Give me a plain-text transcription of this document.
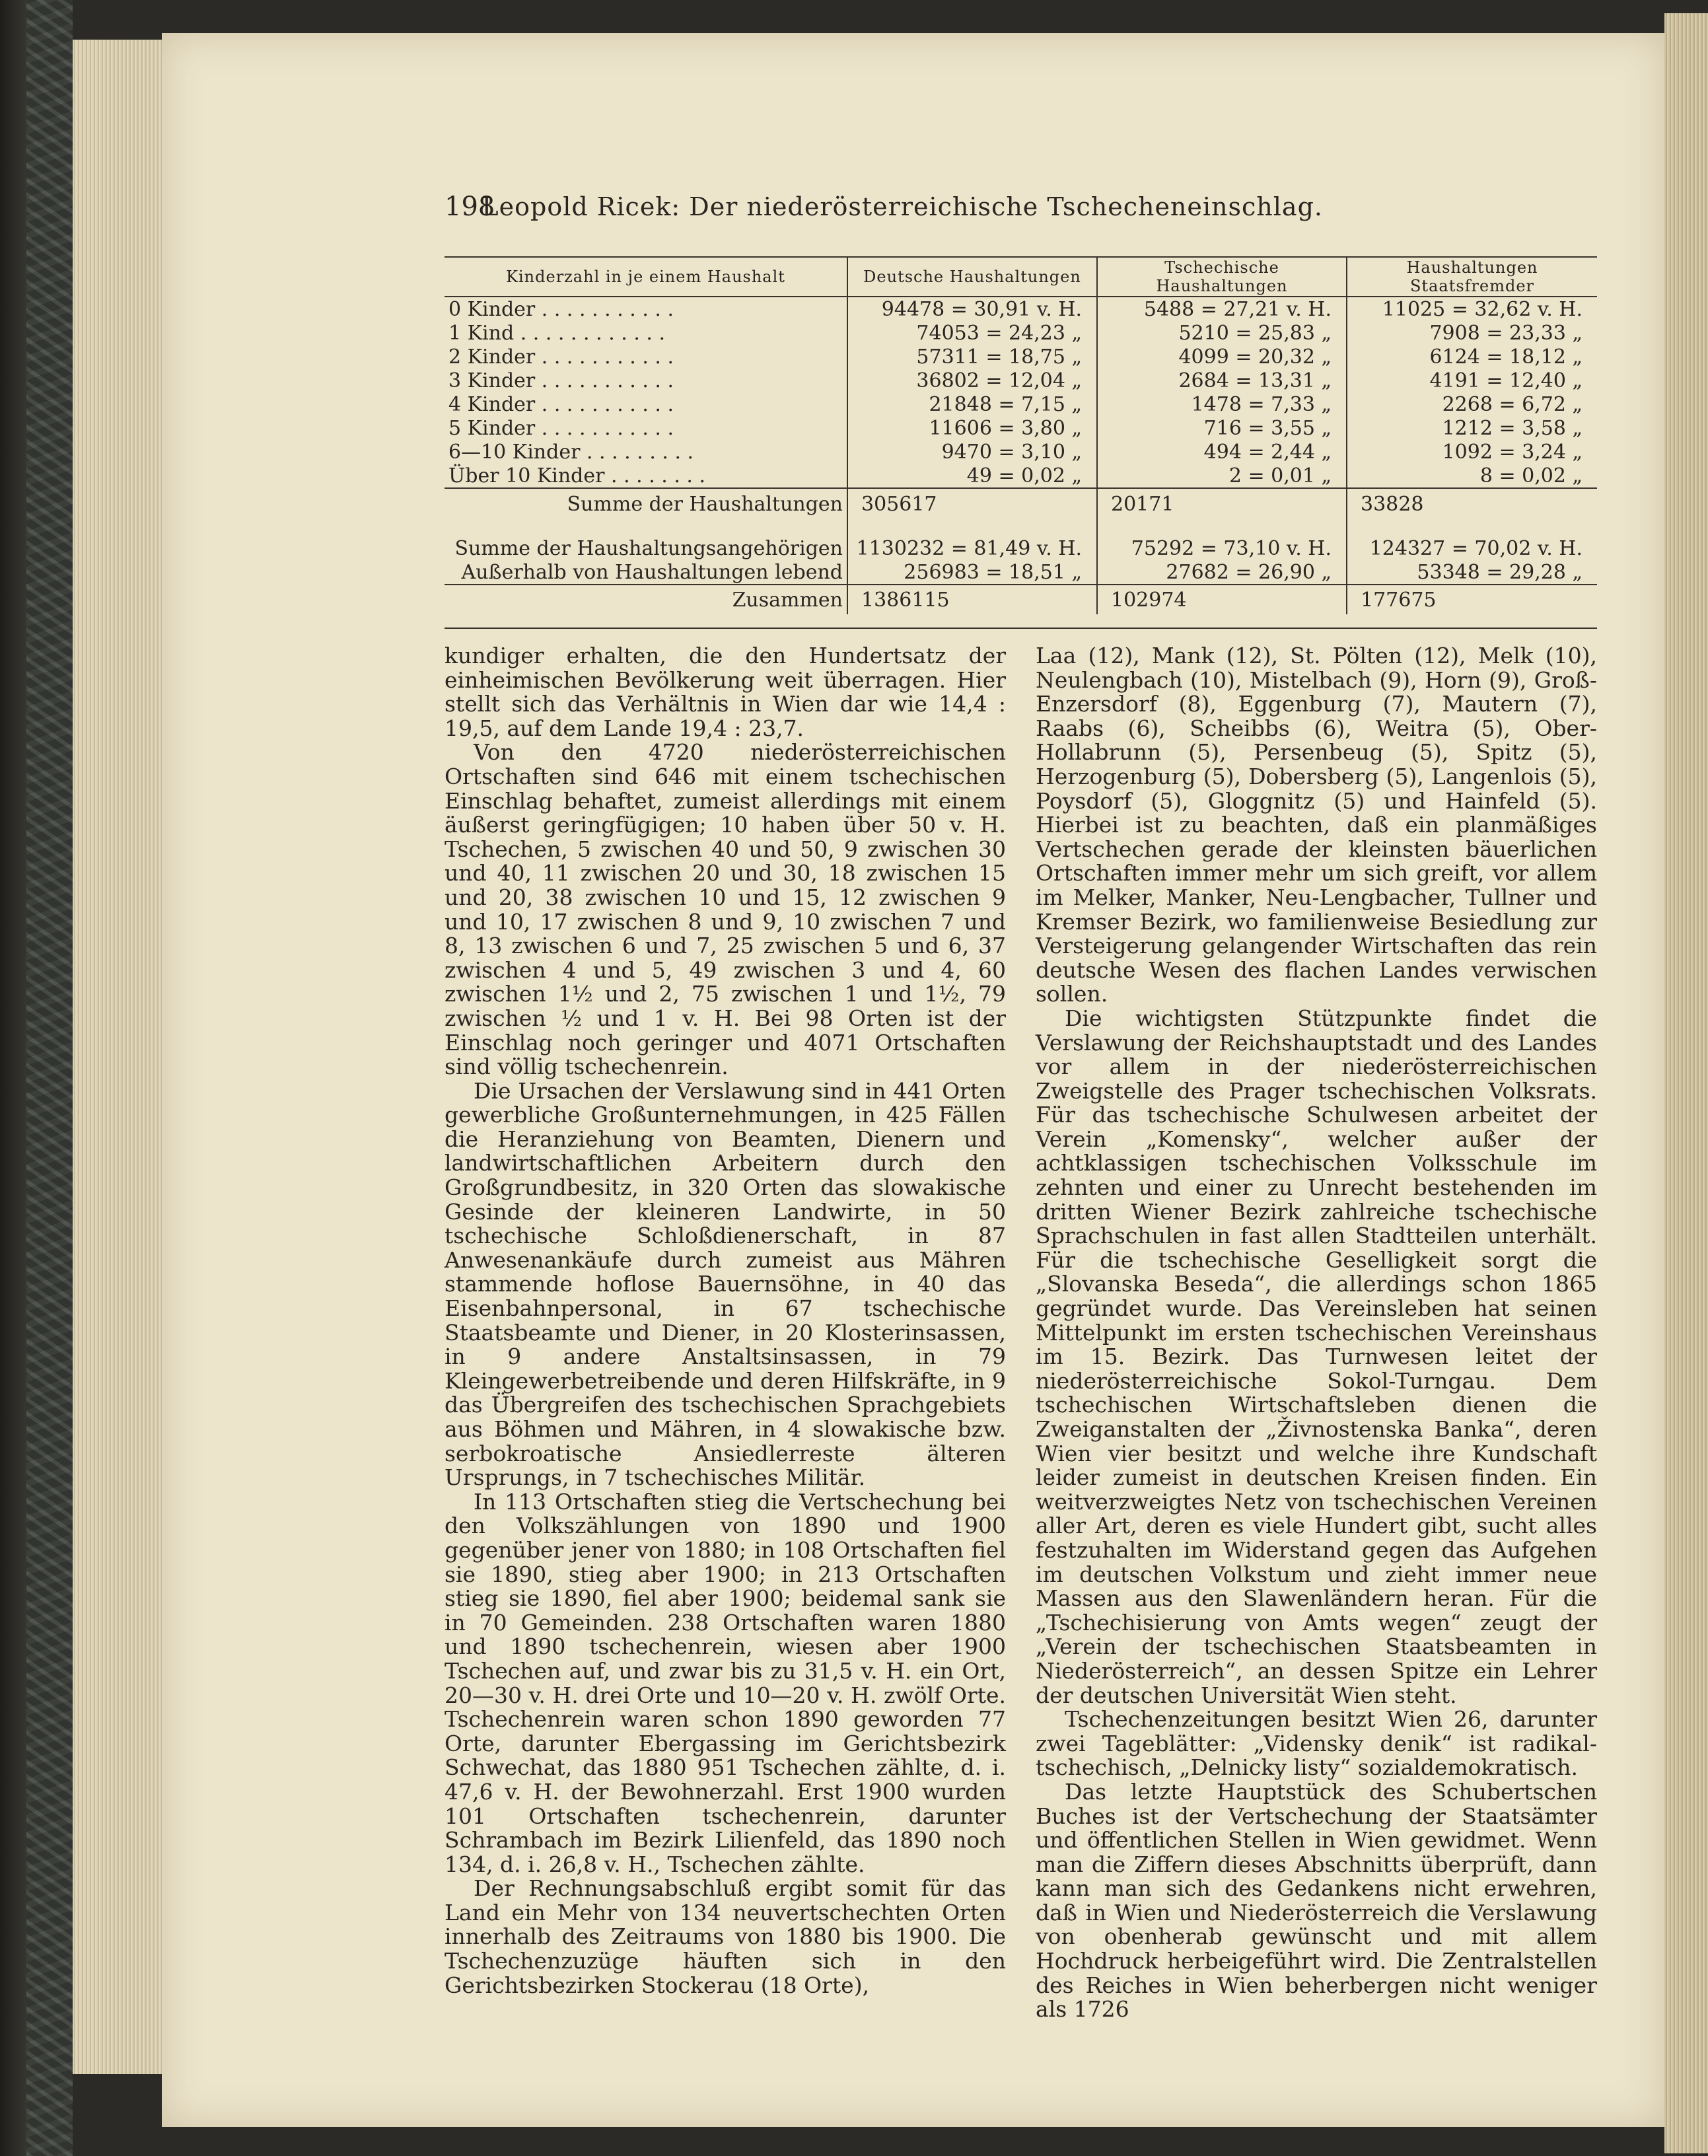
198
Leopold Ricek: Der niederösterreichische Tschecheneinschlag.
Kinderzahl in je einem Haushalt	Deutsche Haushaltungen	Tschechische Haushaltungen	Haushaltungen Staatsfremder
0 Kinder . . . . . . . . . . .	94478 = 30,91 v. H.	5488 = 27,21 v. H.	11025 = 32,62 v. H.
1 Kind . . . . . . . . . . . .	74053 = 24,23 „	5210 = 25,83 „	7908 = 23,33 „
2 Kinder . . . . . . . . . . .	57311 = 18,75 „	4099 = 20,32 „	6124 = 18,12 „
3 Kinder . . . . . . . . . . .	36802 = 12,04 „	2684 = 13,31 „	4191 = 12,40 „
4 Kinder . . . . . . . . . . .	21848 = 7,15 „	1478 = 7,33 „	2268 = 6,72 „
5 Kinder . . . . . . . . . . .	11606 = 3,80 „	716 = 3,55 „	1212 = 3,58 „
6—10 Kinder . . . . . . . . .	9470 = 3,10 „	494 = 2,44 „	1092 = 3,24 „
Über 10 Kinder . . . . . . . .	49 = 0,02 „	2 = 0,01 „	8 = 0,02 „
Summe der Haushaltungen	305617	20171	33828

Summe der Haushaltungsangehörigen	1130232 = 81,49 v. H.	75292 = 73,10 v. H.	124327 = 70,02 v. H.
Außerhalb von Haushaltungen lebend	256983 = 18,51 „	27682 = 26,90 „	53348 = 29,28 „
Zusammen	1386115	102974	177675

kundiger erhalten, die den Hundertsatz der einheimischen Bevölkerung weit überragen. Hier stellt sich das Verhältnis in Wien dar wie 14,4 : 19,5, auf dem Lande 19,4 : 23,7.

Von den 4720 niederösterreichischen Ortschaften sind 646 mit einem tschechischen Einschlag behaftet, zumeist allerdings mit einem äußerst geringfügigen; 10 haben über 50 v. H. Tschechen, 5 zwischen 40 und 50, 9 zwischen 30 und 40, 11 zwischen 20 und 30, 18 zwischen 15 und 20, 38 zwischen 10 und 15, 12 zwischen 9 und 10, 17 zwischen 8 und 9, 10 zwischen 7 und 8, 13 zwischen 6 und 7, 25 zwischen 5 und 6, 37 zwischen 4 und 5, 49 zwischen 3 und 4, 60 zwischen 1½ und 2, 75 zwischen 1 und 1½, 79 zwischen ½ und 1 v. H. Bei 98 Orten ist der Einschlag noch geringer und 4071 Ortschaften sind völlig tschechenrein.

Die Ursachen der Verslawung sind in 441 Orten gewerbliche Großunternehmungen, in 425 Fällen die Heranziehung von Beamten, Dienern und landwirtschaftlichen Arbeitern durch den Großgrundbesitz, in 320 Orten das slowakische Gesinde der kleineren Landwirte, in 50 tschechische Schloßdienerschaft, in 87 Anwesenankäufe durch zumeist aus Mähren stammende hoflose Bauernsöhne, in 40 das Eisenbahnpersonal, in 67 tschechische Staatsbeamte und Diener, in 20 Klosterinsassen, in 9 andere Anstaltsinsassen, in 79 Kleingewerbetreibende und deren Hilfskräfte, in 9 das Übergreifen des tschechischen Sprachgebiets aus Böhmen und Mähren, in 4 slowakische bzw. serbokroatische Ansiedlerreste älteren Ursprungs, in 7 tschechisches Militär.

In 113 Ortschaften stieg die Vertschechung bei den Volkszählungen von 1890 und 1900 gegenüber jener von 1880; in 108 Ortschaften fiel sie 1890, stieg aber 1900; in 213 Ortschaften stieg sie 1890, fiel aber 1900; beidemal sank sie in 70 Gemeinden. 238 Ortschaften waren 1880 und 1890 tschechenrein, wiesen aber 1900 Tschechen auf, und zwar bis zu 31,5 v. H. ein Ort, 20—30 v. H. drei Orte und 10—20 v. H. zwölf Orte. Tschechenrein waren schon 1890 geworden 77 Orte, darunter Ebergassing im Gerichtsbezirk Schwechat, das 1880 951 Tschechen zählte, d. i. 47,6 v. H. der Bewohnerzahl. Erst 1900 wurden 101 Ortschaften tschechenrein, darunter Schrambach im Bezirk Lilienfeld, das 1890 noch 134, d. i. 26,8 v. H., Tschechen zählte.

Der Rechnungsabschluß ergibt somit für das Land ein Mehr von 134 neuvertschechten Orten innerhalb des Zeitraums von 1880 bis 1900. Die Tschechenzuzüge häuften sich in den Gerichtsbezirken Stockerau (18 Orte),

Laa (12), Mank (12), St. Pölten (12), Melk (10), Neulengbach (10), Mistelbach (9), Horn (9), Groß-Enzersdorf (8), Eggenburg (7), Mautern (7), Raabs (6), Scheibbs (6), Weitra (5), Ober-Hollabrunn (5), Persenbeug (5), Spitz (5), Herzogenburg (5), Dobersberg (5), Langenlois (5), Poysdorf (5), Gloggnitz (5) und Hainfeld (5). Hierbei ist zu beachten, daß ein planmäßiges Vertschechen gerade der kleinsten bäuerlichen Ortschaften immer mehr um sich greift, vor allem im Melker, Manker, Neu-Lengbacher, Tullner und Kremser Bezirk, wo familienweise Besiedlung zur Versteigerung gelangender Wirtschaften das rein deutsche Wesen des flachen Landes verwischen sollen.

Die wichtigsten Stützpunkte findet die Verslawung der Reichshauptstadt und des Landes vor allem in der niederösterreichischen Zweigstelle des Prager tschechischen Volksrats. Für das tschechische Schulwesen arbeitet der Verein „Komensky“, welcher außer der achtklassigen tschechischen Volksschule im zehnten und einer zu Unrecht bestehenden im dritten Wiener Bezirk zahlreiche tschechische Sprachschulen in fast allen Stadtteilen unterhält. Für die tschechische Geselligkeit sorgt die „Slovanska Beseda“, die allerdings schon 1865 gegründet wurde. Das Vereinsleben hat seinen Mittelpunkt im ersten tschechischen Vereinshaus im 15. Bezirk. Das Turnwesen leitet der niederösterreichische Sokol-Turngau. Dem tschechischen Wirtschaftsleben dienen die Zweiganstalten der „Živnostenska Banka“, deren Wien vier besitzt und welche ihre Kundschaft leider zumeist in deutschen Kreisen finden. Ein weitverzweigtes Netz von tschechischen Vereinen aller Art, deren es viele Hundert gibt, sucht alles festzuhalten im Widerstand gegen das Aufgehen im deutschen Volkstum und zieht immer neue Massen aus den Slawenländern heran. Für die „Tschechisierung von Amts wegen“ zeugt der „Verein der tschechischen Staatsbeamten in Niederösterreich“, an dessen Spitze ein Lehrer der deutschen Universität Wien steht.

Tschechenzeitungen besitzt Wien 26, darunter zwei Tageblätter: „Vidensky denik“ ist radikal-tschechisch, „Delnicky listy“ sozialdemokratisch.

Das letzte Hauptstück des Schubertschen Buches ist der Vertschechung der Staatsämter und öffentlichen Stellen in Wien gewidmet. Wenn man die Ziffern dieses Abschnitts überprüft, dann kann man sich des Gedankens nicht erwehren, daß in Wien und Niederösterreich die Verslawung von obenherab gewünscht und mit allem Hochdruck herbeigeführt wird. Die Zentralstellen des Reiches in Wien beherbergen nicht weniger als 1726
